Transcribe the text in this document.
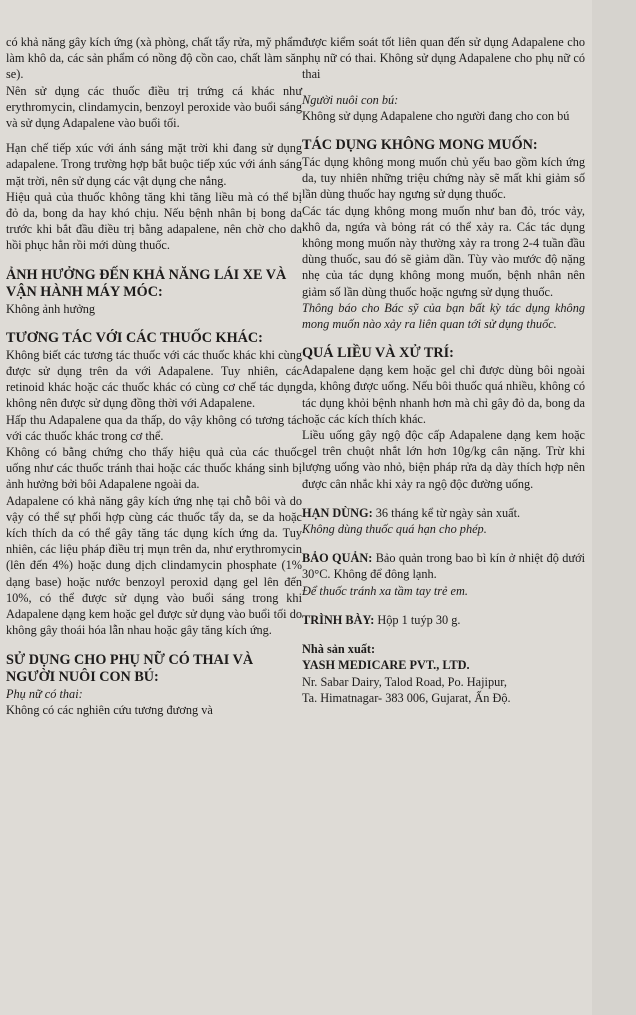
có khả năng gây kích ứng (xà phòng, chất tẩy rửa, mỹ phẩm làm khô da, các sản phẩm có nồng độ cồn cao, chất làm săn se).

Nên sử dụng các thuốc điều trị trứng cá khác như erythromycin, clindamycin, benzoyl peroxide vào buổi sáng và sử dụng Adapalene vào buổi tối.

Hạn chế tiếp xúc với ánh sáng mặt trời khi đang sử dụng adapalene. Trong trường hợp bắt buộc tiếp xúc với ánh sáng mặt trời, nên sử dụng các vật dụng che nắng.

Hiệu quả của thuốc không tăng khi tăng liều mà có thể bị đỏ da, bong da hay khó chịu. Nếu bệnh nhân bị bong da trước khi bắt đầu điều trị bằng adapalene, nên chờ cho da hồi phục hẳn rồi mới dùng thuốc.

ẢNH HƯỞNG ĐẾN KHẢ NĂNG LÁI XE VÀ VẬN HÀNH MÁY MÓC:

Không ảnh hưởng

TƯƠNG TÁC VỚI CÁC THUỐC KHÁC:

Không biết các tương tác thuốc với các thuốc khác khi cùng được sử dụng trên da với Adapalene. Tuy nhiên, các retinoid khác hoặc các thuốc khác có cùng cơ chế tác dụng không nên được sử dụng đồng thời với Adapalene.

Hấp thu Adapalene qua da thấp, do vậy không có tương tác với các thuốc khác trong cơ thể.

Không có bằng chứng cho thấy hiệu quả của các thuốc uống như các thuốc tránh thai hoặc các thuốc kháng sinh bị ảnh hưởng bởi bôi Adapalene ngoài da.

Adapalene có khả năng gây kích ứng nhẹ tại chỗ bôi và do vậy có thể sự phối hợp cùng các thuốc tẩy da, se da hoặc kích thích da có thể gây tăng tác dụng kích ứng da. Tuy nhiên, các liệu pháp điều trị mụn trên da, như erythromycin (lên đến 4%) hoặc dung dịch clindamycin phosphate (1% dạng base) hoặc nước benzoyl peroxid dạng gel lên đến 10%, có thể được sử dụng vào buổi sáng trong khi Adapalene dạng kem hoặc gel được sử dụng vào buổi tối do không gây thoái hóa lẫn nhau hoặc gây tăng kích ứng.

SỬ DỤNG CHO PHỤ NỮ CÓ THAI VÀ NGƯỜI NUÔI CON BÚ:

Phụ nữ có thai:

Không có các nghiên cứu tương đương và

được kiểm soát tốt liên quan đến sử dụng Adapalene cho phụ nữ có thai. Không sử dụng Adapalene cho phụ nữ có thai

Người nuôi con bú:

Không sử dụng Adapalene cho người đang cho con bú

TÁC DỤNG KHÔNG MONG MUỐN:

Tác dụng không mong muốn chủ yếu bao gồm kích ứng da, tuy nhiên những triệu chứng này sẽ mất khi giảm số lần dùng thuốc hay ngưng sử dụng thuốc.

Các tác dụng không mong muốn như ban đỏ, tróc vảy, khô da, ngứa và bỏng rát có thể xảy ra. Các tác dụng không mong muốn này thường xảy ra trong 2-4 tuần đầu dùng thuốc, sau đó sẽ giảm dần. Tùy vào mước độ nặng nhẹ của tác dụng không mong muốn, bệnh nhân nên giảm số lần dùng thuốc hoặc ngưng sử dụng thuốc.

Thông báo cho Bác sỹ của bạn bất kỳ tác dụng không mong muốn nào xảy ra liên quan tới sử dụng thuốc.

QUÁ LIỀU VÀ XỬ TRÍ:

Adapalene dạng kem hoặc gel chỉ được dùng bôi ngoài da, không được uống. Nếu bôi thuốc quá nhiều, không có tác dụng khỏi bệnh nhanh hơn mà chỉ gây đỏ da, bong da hoặc các kích thích khác.

Liều uống gây ngộ độc cấp Adapalene dạng kem hoặc gel trên chuột nhắt lớn hơn 10g/kg cân nặng. Trừ khi lượng uống vào nhỏ, biện pháp rửa dạ dày thích hợp nên được cân nhắc khi xảy ra ngộ độc đường uống.

HẠN DÙNG: 36 tháng kể từ ngày sản xuất.

Không dùng thuốc quá hạn cho phép.

BẢO QUẢN: Bảo quản trong bao bì kín ở nhiệt độ dưới 30°C. Không để đông lạnh.

Để thuốc tránh xa tầm tay trẻ em.

TRÌNH BÀY: Hộp 1 tuýp 30 g.

Nhà sản xuất:

YASH MEDICARE PVT., LTD.

Nr. Sabar Dairy, Talod Road, Po. Hajipur,

Ta. Himatnagar- 383 006, Gujarat, Ấn Độ.
